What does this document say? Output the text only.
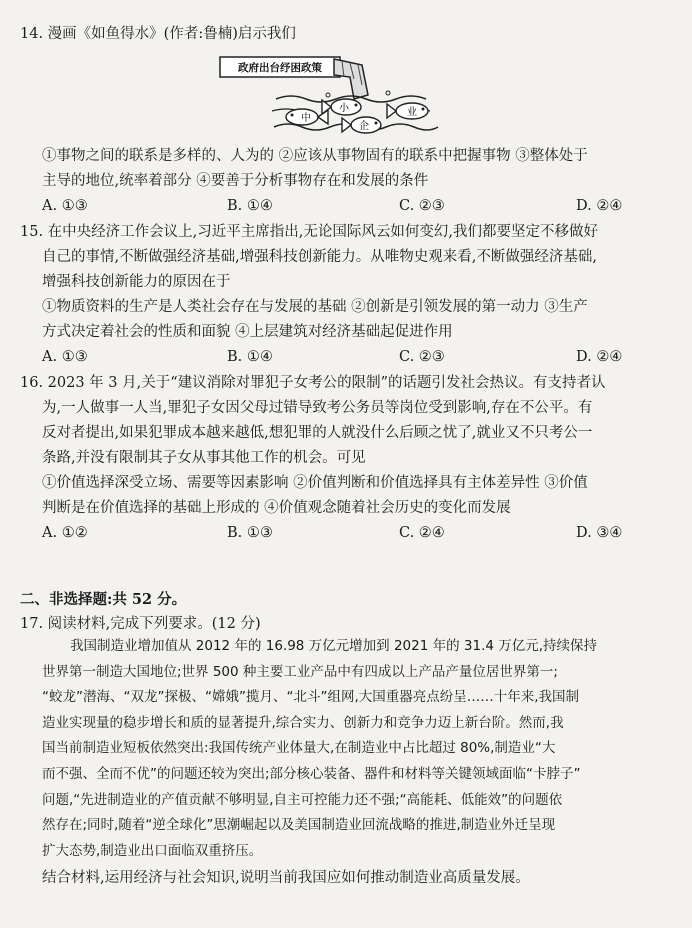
14. 漫画《如鱼得水》(作者:鲁楠)启示我们
政府出台纾困政策
中
小
企
业
①事物之间的联系是多样的、人为的 ②应该从事物固有的联系中把握事物 ③整体处于
主导的地位,统率着部分 ④要善于分析事物存在和发展的条件
A. ①③	B. ①④	C. ②③	D. ②④
15. 在中央经济工作会议上,习近平主席指出,无论国际风云如何变幻,我们都要坚定不移做好
自己的事情,不断做强经济基础,增强科技创新能力。从唯物史观来看,不断做强经济基础,
增强科技创新能力的原因在于
①物质资料的生产是人类社会存在与发展的基础 ②创新是引领发展的第一动力 ③生产
方式决定着社会的性质和面貌 ④上层建筑对经济基础起促进作用
A. ①③	B. ①④	C. ②③	D. ②④
16. 2023 年 3 月,关于“建议消除对罪犯子女考公的限制”的话题引发社会热议。有支持者认
为,一人做事一人当,罪犯子女因父母过错导致考公务员等岗位受到影响,存在不公平。有
反对者提出,如果犯罪成本越来越低,想犯罪的人就没什么后顾之忧了,就业又不只考公一
条路,并没有限制其子女从事其他工作的机会。可见
①价值选择深受立场、需要等因素影响 ②价值判断和价值选择具有主体差异性 ③价值
判断是在价值选择的基础上形成的 ④价值观念随着社会历史的变化而发展
A. ①②	B. ①③	C. ②④	D. ③④
二、非选择题:共 52 分。
17. 阅读材料,完成下列要求。(12 分)
我国制造业增加值从 2012 年的 16.98 万亿元增加到 2021 年的 31.4 万亿元,持续保持
世界第一制造大国地位;世界 500 种主要工业产品中有四成以上产品产量位居世界第一;
“蛟龙”潜海、“双龙”探极、“嫦娥”揽月、“北斗”组网,大国重器亮点纷呈……十年来,我国制
造业实现量的稳步增长和质的显著提升,综合实力、创新力和竞争力迈上新台阶。然而,我
国当前制造业短板依然突出:我国传统产业体量大,在制造业中占比超过 80%,制造业“大
而不强、全而不优”的问题还较为突出;部分核心装备、器件和材料等关键领域面临“卡脖子”
问题,“先进制造业的产值贡献不够明显,自主可控能力还不强;“高能耗、低能效”的问题依
然存在;同时,随着“逆全球化”思潮崛起以及美国制造业回流战略的推进,制造业外迁呈现
扩大态势,制造业出口面临双重挤压。
结合材料,运用经济与社会知识,说明当前我国应如何推动制造业高质量发展。
